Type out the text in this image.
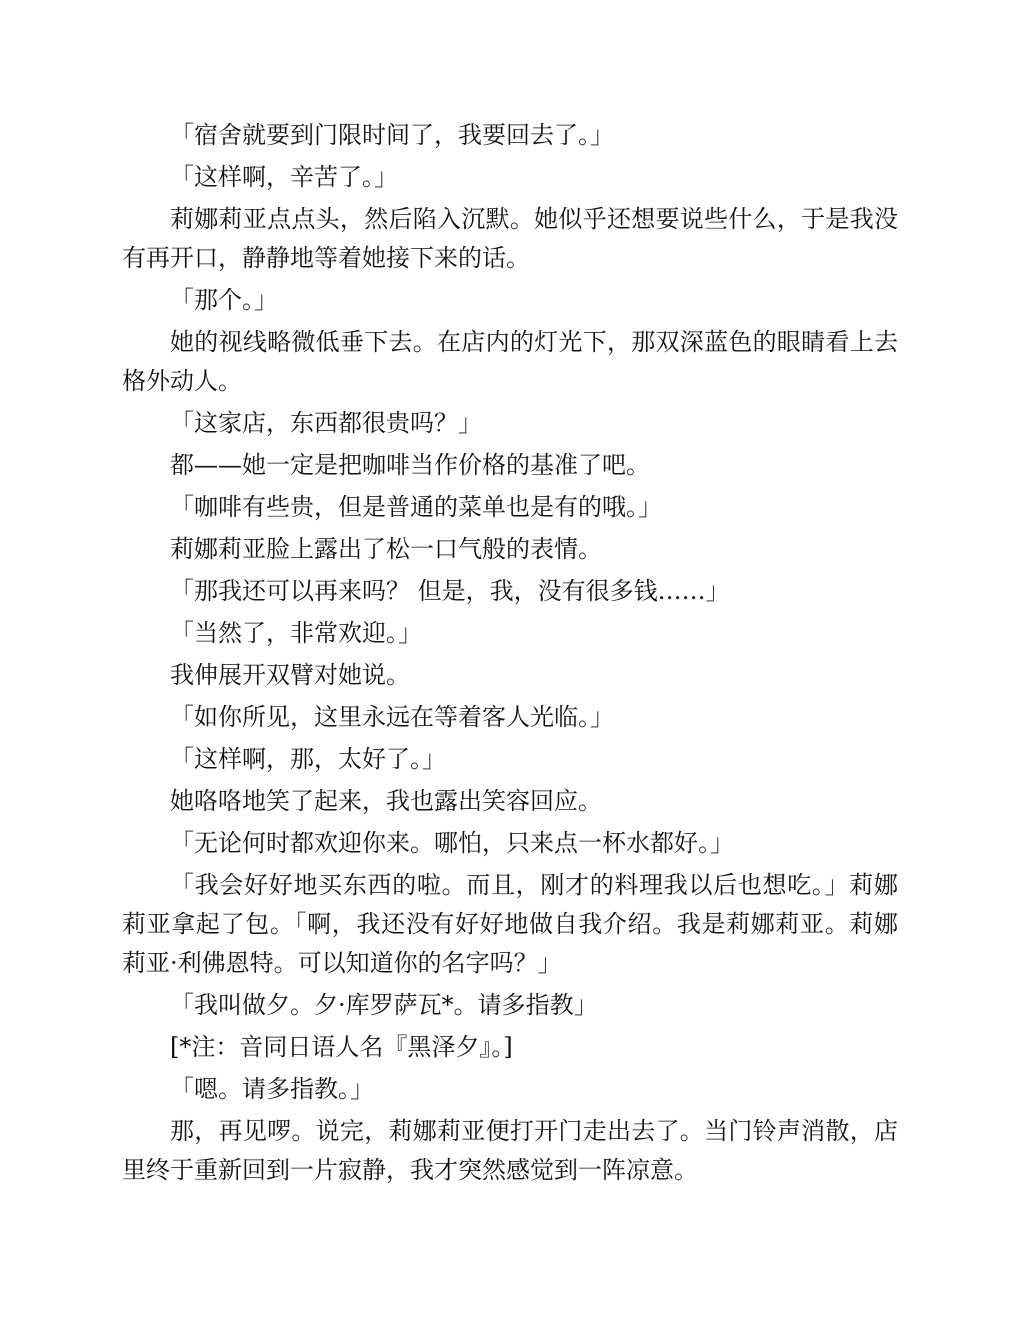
「宿舍就要到门限时间了，我要回去了。」

「这样啊，辛苦了。」

莉娜莉亚点点头，然后陷入沉默。她似乎还想要说些什么，于是我没有再开口，静静地等着她接下来的话。

「那个。」

她的视线略微低垂下去。在店内的灯光下，那双深蓝色的眼睛看上去格外动人。

「这家店，东西都很贵吗？」

都——她一定是把咖啡当作价格的基准了吧。

「咖啡有些贵，但是普通的菜单也是有的哦。」

莉娜莉亚脸上露出了松一口气般的表情。

「那我还可以再来吗？ 但是，我，没有很多钱……」

「当然了，非常欢迎。」

我伸展开双臂对她说。

「如你所见，这里永远在等着客人光临。」

「这样啊，那，太好了。」

她咯咯地笑了起来，我也露出笑容回应。

「无论何时都欢迎你来。哪怕，只来点一杯水都好。」

「我会好好地买东西的啦。而且，刚才的料理我以后也想吃。」莉娜莉亚拿起了包。「啊，我还没有好好地做自我介绍。我是莉娜莉亚。莉娜莉亚·利佛恩特。可以知道你的名字吗？」

「我叫做夕。夕·库罗萨瓦*。请多指教」

[*注：音同日语人名『黑泽夕』。]

「嗯。请多指教。」

那，再见啰。说完，莉娜莉亚便打开门走出去了。当门铃声消散，店里终于重新回到一片寂静，我才突然感觉到一阵凉意。
